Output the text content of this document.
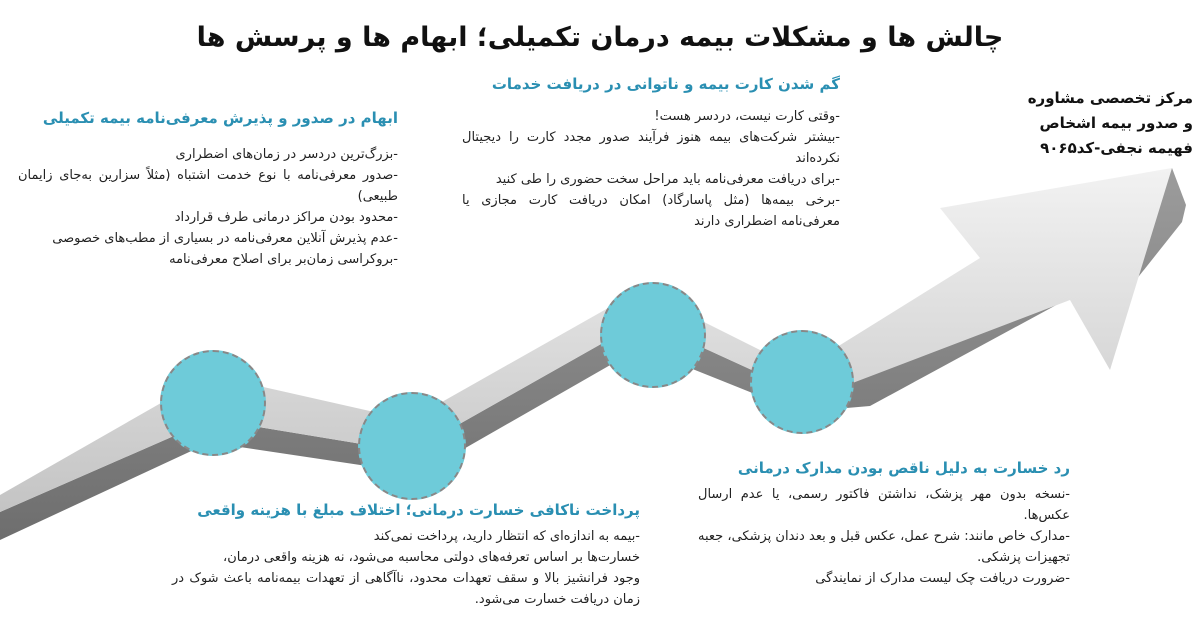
چالش ها و مشکلات بیمه درمان تکمیلی؛ ابهام ها و پرسش ها
مرکز تخصصی مشاوره
و صدور بیمه اشخاص
فهیمه نجفی-کد۹۰۶۵
ابهام در صدور و پذیرش معرفی‌نامه بیمه تکمیلی
-بزرگ‌ترین دردسر در زمان‌های اضطراری
-صدور معرفی‌نامه با نوع خدمت اشتباه (مثلاً سزارین به‌جای زایمان طبیعی)
-محدود بودن مراکز درمانی طرف قرارداد
-عدم پذیرش آنلاین معرفی‌نامه در بسیاری از مطب‌های خصوصی
-بروکراسی زمان‌بر برای اصلاح معرفی‌نامه
گم شدن کارت بیمه و ناتوانی در دریافت خدمات
-وقتی کارت نیست، دردسر هست!
-بیشتر شرکت‌های بیمه هنوز فرآیند صدور مجدد کارت را دیجیتال نکرده‌اند
-برای دریافت معرفی‌نامه باید مراحل سخت حضوری را طی کنید
-برخی بیمه‌ها (مثل پاسارگاد) امکان دریافت کارت مجازی یا معرفی‌نامه اضطراری دارند
پرداخت ناکافی خسارت درمانی؛ اختلاف مبلغ با هزینه واقعی
-بیمه به اندازه‌ای که انتظار دارید، پرداخت نمی‌کند
خسارت‌ها بر اساس تعرفه‌های دولتی محاسبه می‌شود، نه هزینه واقعی درمان،
وجود فرانشیز بالا و سقف تعهدات محدود، ناآگاهی از تعهدات بیمه‌نامه باعث شوک در زمان دریافت خسارت می‌شود.
رد خسارت به دلیل ناقص بودن مدارک درمانی
-نسخه بدون مهر پزشک، نداشتن فاکتور رسمی، یا عدم ارسال عکس‌ها.
-مدارک خاص مانند: شرح عمل، عکس قبل و بعد دندان پزشکی، جعبه تجهیزات پزشکی.
-ضرورت دریافت چک لیست مدارک از نمایندگی
